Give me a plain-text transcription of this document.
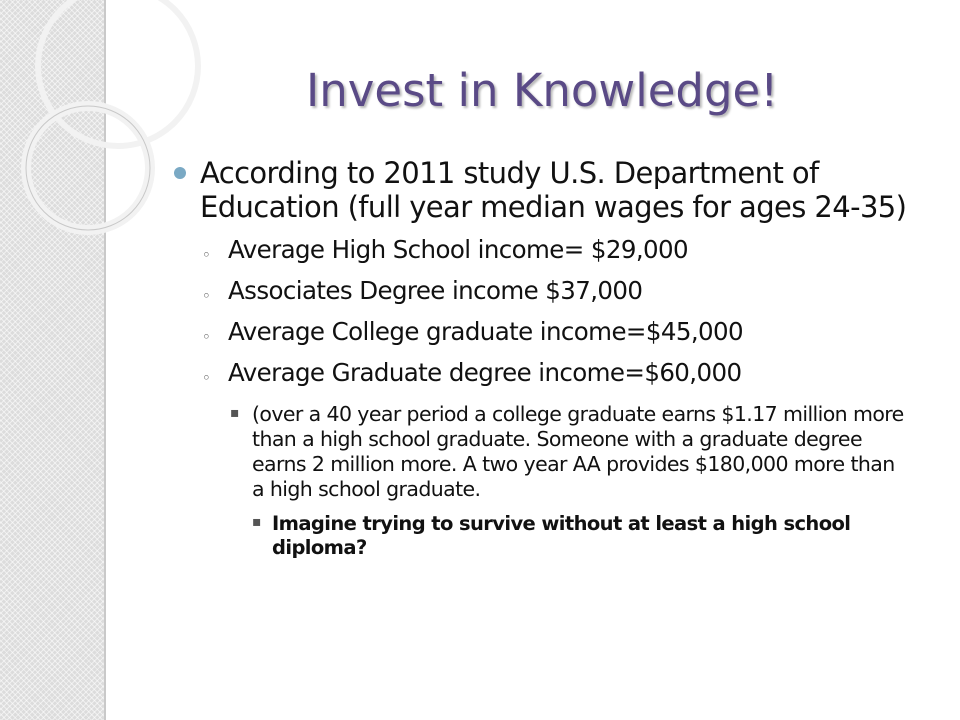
Invest in Knowledge!
According to 2011 study U.S. Department of Education (full year median wages for ages 24-35)
◦ Average High School income= $29,000
◦ Associates Degree income $37,000
◦ Average College graduate income=$45,000
◦ Average Graduate degree income=$60,000
▪ (over a 40 year period a college graduate earns $1.17 million more than a high school graduate. Someone with a graduate degree earns 2 million more. A two year AA provides $180,000 more than a high school graduate.
▪ Imagine trying to survive without at least a high school diploma?
